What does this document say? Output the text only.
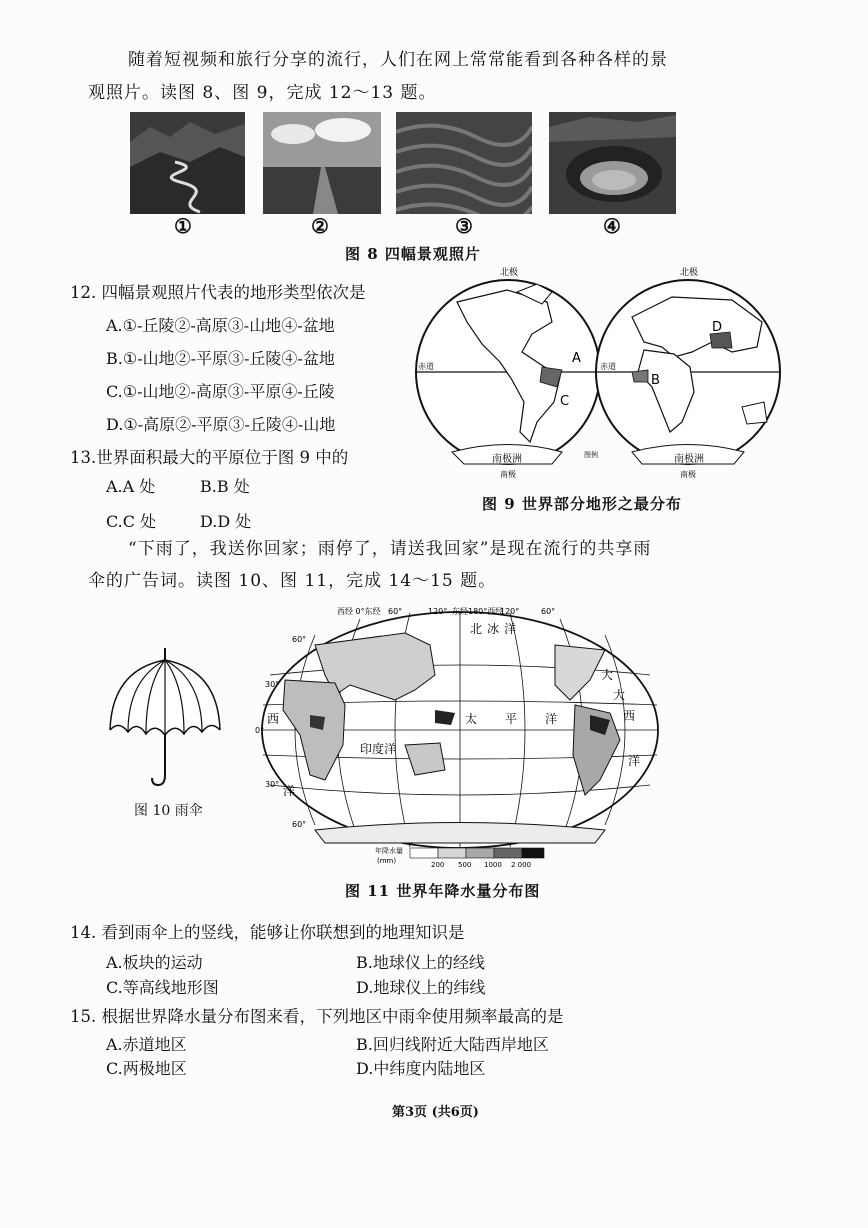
随着短视频和旅行分享的流行，人们在网上常常能看到各种各样的景
观照片。读图 8、图 9，完成 12～13 题。
①	②	③	④
图 8 四幅景观照片
12. 四幅景观照片代表的地形类型依次是
A.①-丘陵②-高原③-山地④-盆地
B.①-山地②-平原③-丘陵④-盆地
C.①-山地②-高原③-平原④-丘陵
D.①-高原②-平原③-丘陵④-山地
13.世界面积最大的平原位于图 9 中的
A.A 处	B.B 处
C.C 处	D.D 处
北极	北极
赤道	赤道
A
B
C
D
南极洲	南极洲
南极	南极
图例
图 9 世界部分地形之最分布
“下雨了，我送你回家；雨停了，请送我回家”是现在流行的共享雨
伞的广告词。读图 10、图 11，完成 14～15 题。
图 10 雨伞
西经 0°东经 60°	120° 东经180°西经
120°	60°
60°
30°
0°
30°
60°
北 冰 洋
大
西
洋
太 平 洋
印度洋
大
西
洋
年降水量
(mm)	200 500 1000 2 000
图 11 世界年降水量分布图
14. 看到雨伞上的竖线，能够让你联想到的地理知识是
A.板块的运动	B.地球仪上的经线
C.等高线地形图	D.地球仪上的纬线
15. 根据世界降水量分布图来看，下列地区中雨伞使用频率最高的是
A.赤道地区	B.回归线附近大陆西岸地区
C.两极地区	D.中纬度内陆地区
第3页 (共6页)
